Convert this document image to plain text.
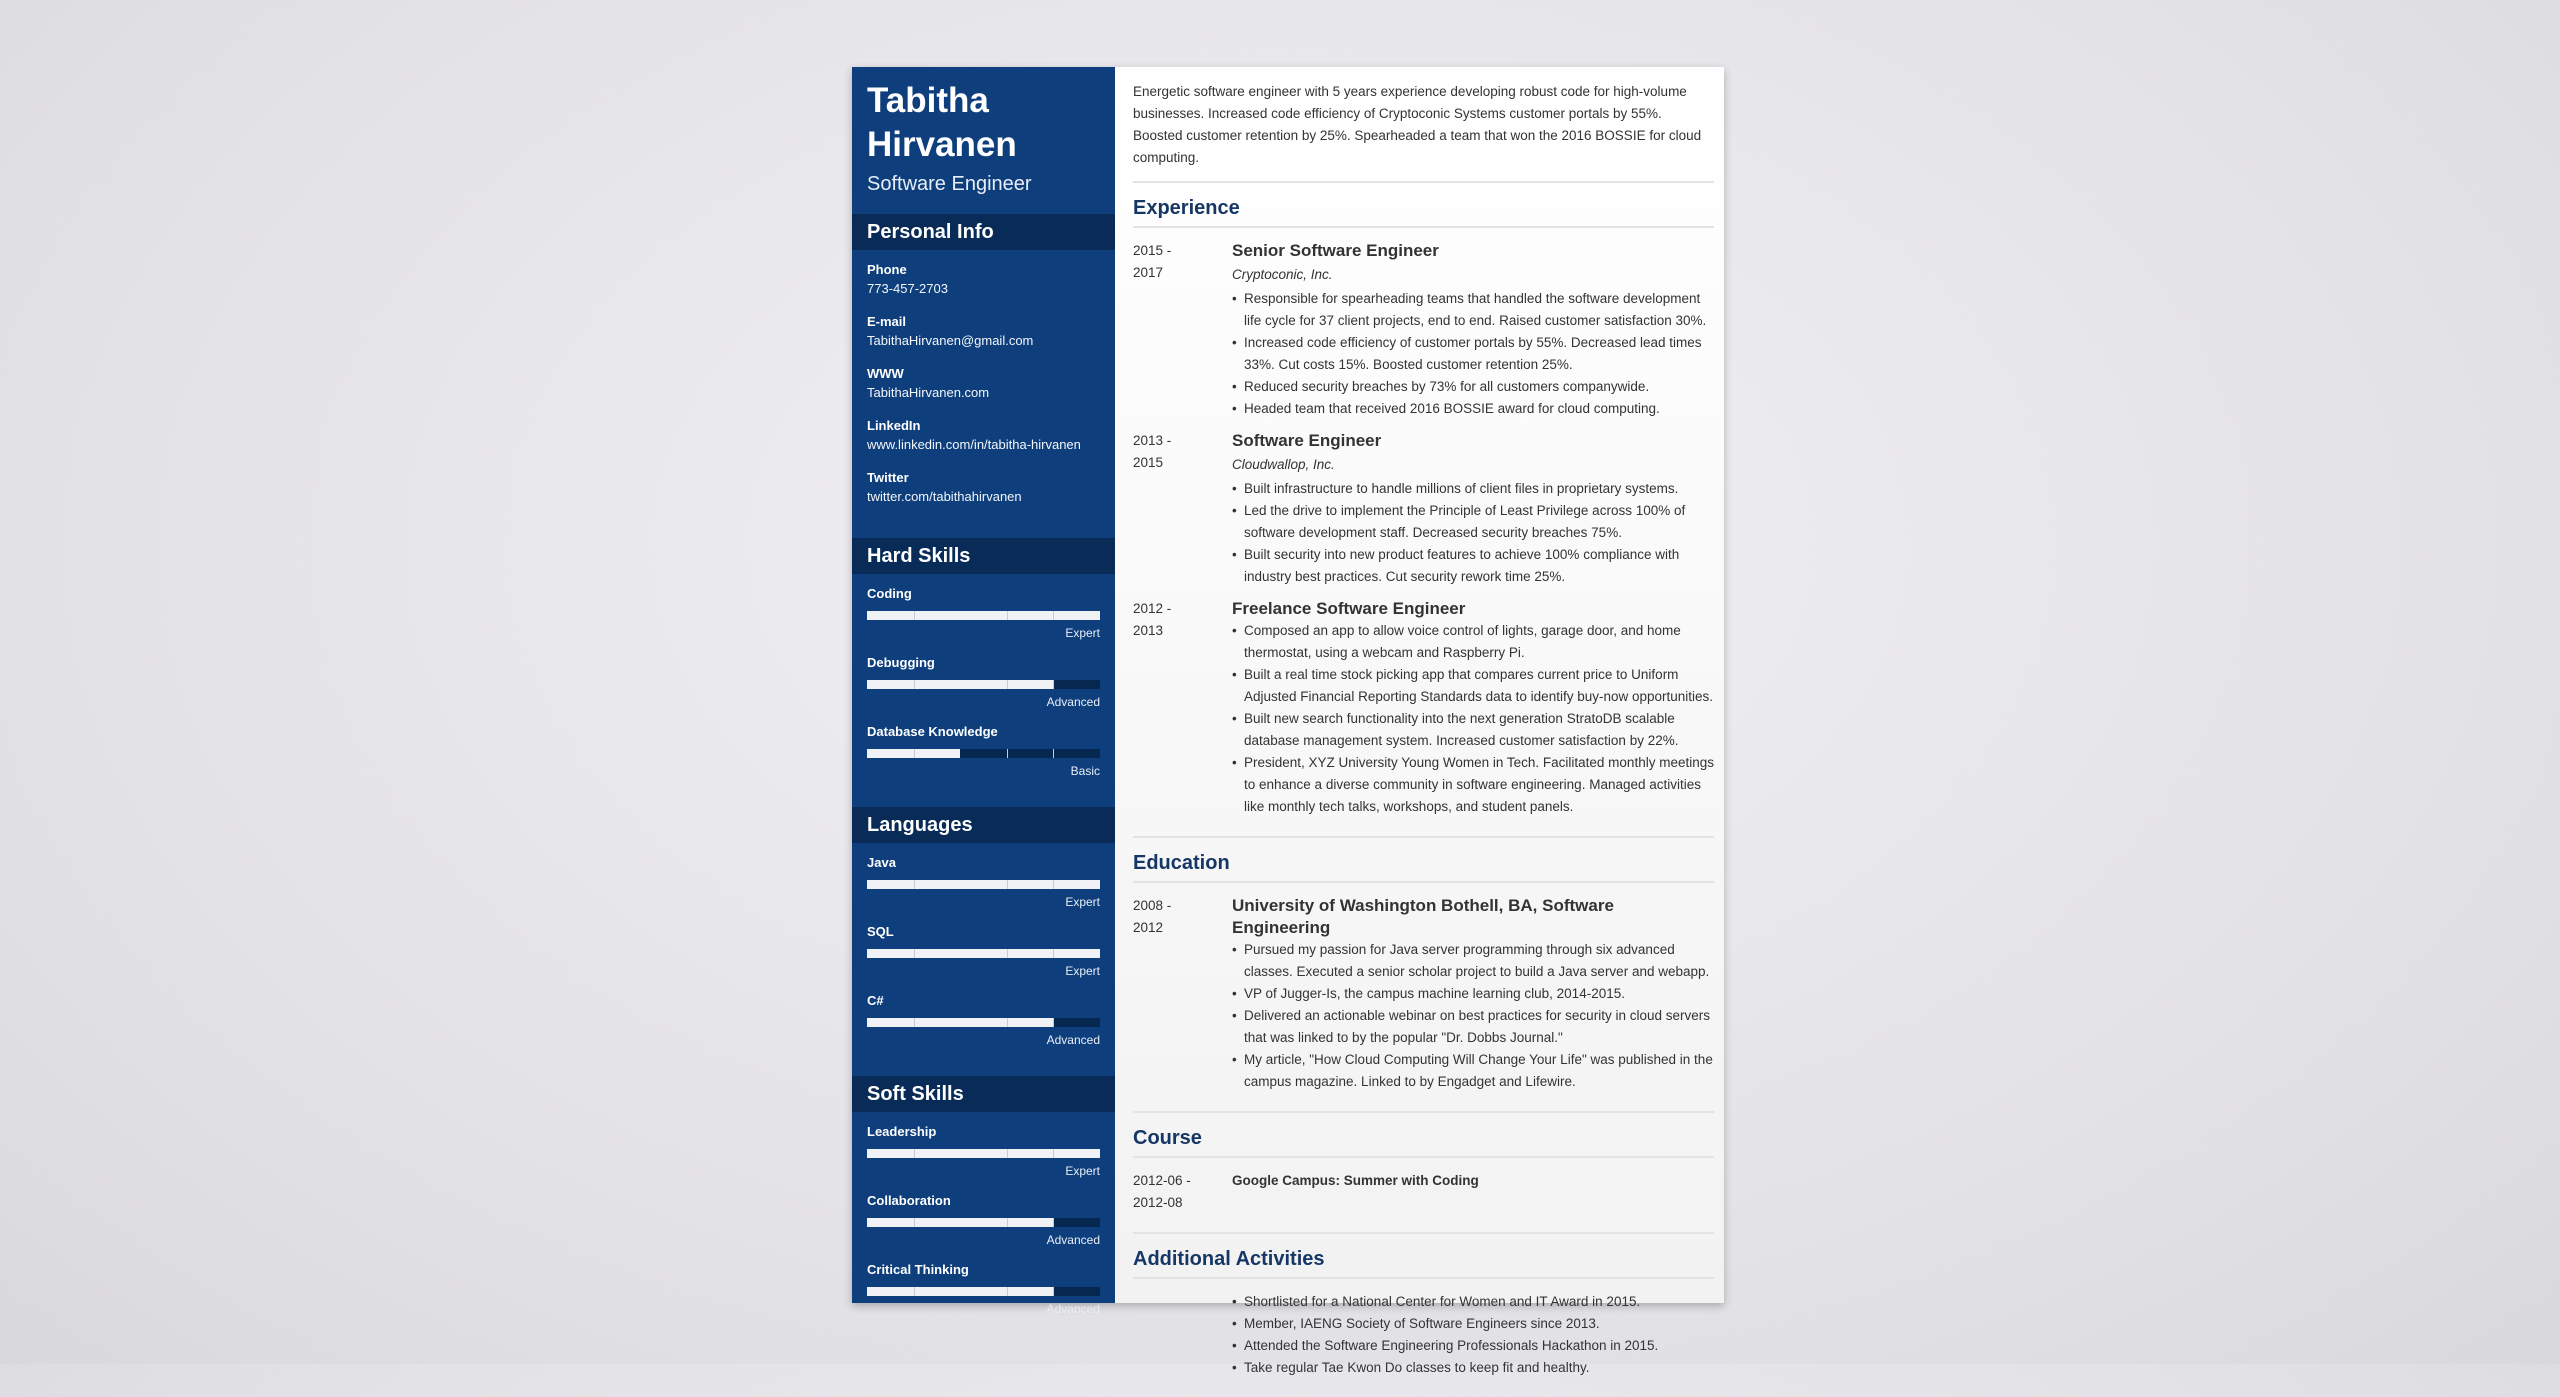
Tabitha
Hirvanen
Software Engineer
Personal Info
Phone
773-457-2703
E-mail
TabithaHirvanen@gmail.com
WWW
TabithaHirvanen.com
LinkedIn
www.linkedin.com/in/tabitha-hirvanen
Twitter
twitter.com/tabithahirvanen
Hard Skills
Coding
Expert
Debugging
Advanced
Database Knowledge
Basic
Languages
Java
Expert
SQL
Expert
C#
Advanced
Soft Skills
Leadership
Expert
Collaboration
Advanced
Critical Thinking
Advanced
Energetic software engineer with 5 years experience developing robust code for high-volume businesses. Increased code efficiency of Cryptoconic Systems customer portals by 55%. Boosted customer retention by 25%. Spearheaded a team that won the 2016 BOSSIE for cloud computing.
Experience
2015 -
2017
Senior Software Engineer
Cryptoconic, Inc.
• Responsible for spearheading teams that handled the software development life cycle for 37 client projects, end to end. Raised customer satisfaction 30%.
• Increased code efficiency of customer portals by 55%. Decreased lead times 33%. Cut costs 15%. Boosted customer retention 25%.
• Reduced security breaches by 73% for all customers companywide.
• Headed team that received 2016 BOSSIE award for cloud computing.
2013 -
2015
Software Engineer
Cloudwallop, Inc.
• Built infrastructure to handle millions of client files in proprietary systems.
• Led the drive to implement the Principle of Least Privilege across 100% of software development staff. Decreased security breaches 75%.
• Built security into new product features to achieve 100% compliance with industry best practices. Cut security rework time 25%.
2012 -
2013
Freelance Software Engineer
• Composed an app to allow voice control of lights, garage door, and home thermostat, using a webcam and Raspberry Pi.
• Built a real time stock picking app that compares current price to Uniform Adjusted Financial Reporting Standards data to identify buy-now opportunities.
• Built new search functionality into the next generation StratoDB scalable database management system. Increased customer satisfaction by 22%.
• President, XYZ University Young Women in Tech. Facilitated monthly meetings to enhance a diverse community in software engineering. Managed activities like monthly tech talks, workshops, and student panels.
Education
2008 -
2012
University of Washington Bothell, BA, Software Engineering
• Pursued my passion for Java server programming through six advanced classes. Executed a senior scholar project to build a Java server and webapp.
• VP of Jugger-Is, the campus machine learning club, 2014-2015.
• Delivered an actionable webinar on best practices for security in cloud servers that was linked to by the popular "Dr. Dobbs Journal."
• My article, "How Cloud Computing Will Change Your Life" was published in the campus magazine. Linked to by Engadget and Lifewire.
Course
2012-06 -
2012-08
Google Campus: Summer with Coding
Additional Activities
• Shortlisted for a National Center for Women and IT Award in 2015.
• Member, IAENG Society of Software Engineers since 2013.
• Attended the Software Engineering Professionals Hackathon in 2015.
• Take regular Tae Kwon Do classes to keep fit and healthy.
